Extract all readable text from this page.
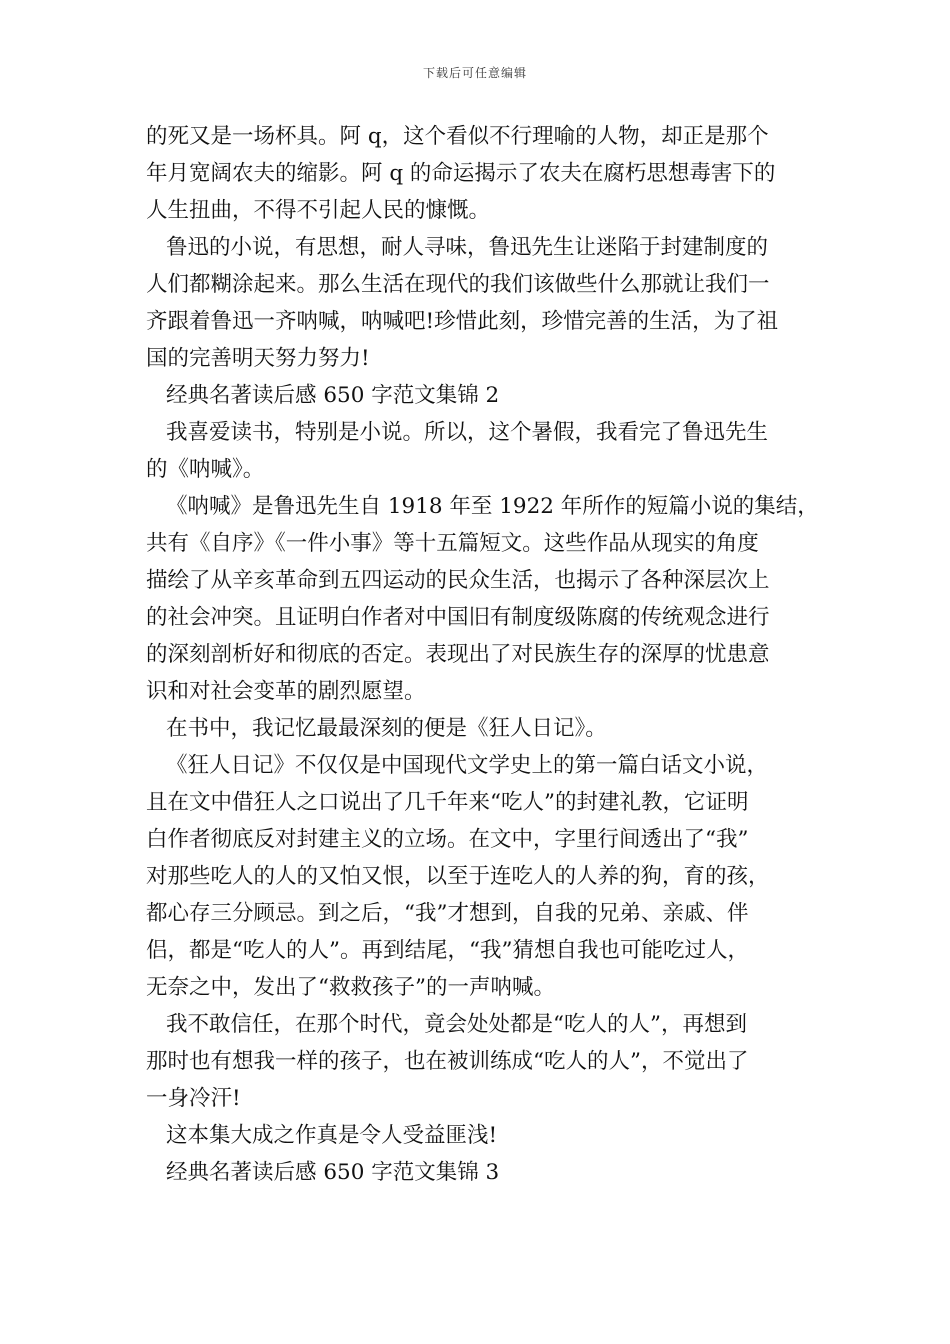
下载后可任意编辑
的死又是一场杯具。阿 q，这个看似不行理喻的人物，却正是那个
年月宽阔农夫的缩影。阿 q 的命运揭示了农夫在腐朽思想毒害下的
人生扭曲，不得不引起人民的慷慨。
鲁迅的小说，有思想，耐人寻味，鲁迅先生让迷陷于封建制度的
人们都糊涂起来。那么生活在现代的我们该做些什么那就让我们一
齐跟着鲁迅一齐呐喊，呐喊吧!珍惜此刻，珍惜完善的生活，为了祖
国的完善明天努力努力!
经典名著读后感 650 字范文集锦 2
我喜爱读书，特别是小说。所以，这个暑假，我看完了鲁迅先生
的《呐喊》。
《呐喊》是鲁迅先生自 1918 年至 1922 年所作的短篇小说的集结，
共有《自序》《一件小事》等十五篇短文。这些作品从现实的角度
描绘了从辛亥革命到五四运动的民众生活，也揭示了各种深层次上
的社会冲突。且证明白作者对中国旧有制度级陈腐的传统观念进行
的深刻剖析好和彻底的否定。表现出了对民族生存的深厚的忧患意
识和对社会变革的剧烈愿望。
在书中，我记忆最最深刻的便是《狂人日记》。
《狂人日记》不仅仅是中国现代文学史上的第一篇白话文小说，
且在文中借狂人之口说出了几千年来“吃人”的封建礼教，它证明
白作者彻底反对封建主义的立场。在文中，字里行间透出了“我”
对那些吃人的人的又怕又恨，以至于连吃人的人养的狗，育的孩，
都心存三分顾忌。到之后，“我”才想到，自我的兄弟、亲戚、伴
侣，都是“吃人的人”。再到结尾，“我”猜想自我也可能吃过人，
无奈之中，发出了“救救孩子”的一声呐喊。
我不敢信任，在那个时代，竟会处处都是“吃人的人”，再想到
那时也有想我一样的孩子，也在被训练成“吃人的人”，不觉出了
一身冷汗!
这本集大成之作真是令人受益匪浅!
经典名著读后感 650 字范文集锦 3
